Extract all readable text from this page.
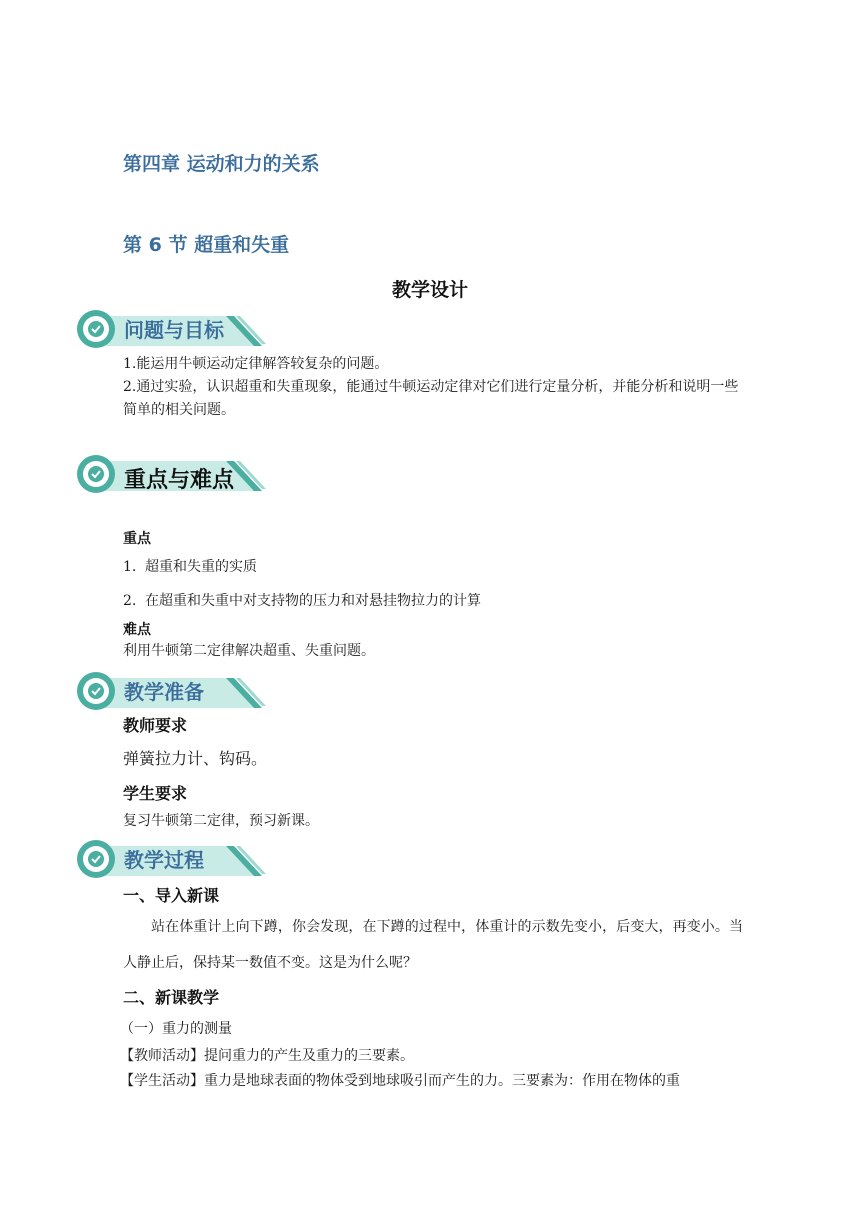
第四章 运动和力的关系
第 6 节 超重和失重
教学设计
问题与目标
1.能运用牛顿运动定律解答较复杂的问题。
2.通过实验，认识超重和失重现象，能通过牛顿运动定律对它们进行定量分析，并能分析和说明一些简单的相关问题。
重点与难点
重点
1. 超重和失重的实质
2. 在超重和失重中对支持物的压力和对悬挂物拉力的计算
难点
利用牛顿第二定律解决超重、失重问题。
教学准备
教师要求
弹簧拉力计、钩码。
学生要求
复习牛顿第二定律，预习新课。
教学过程
一、导入新课
站在体重计上向下蹲，你会发现，在下蹲的过程中，体重计的示数先变小，后变大，再变小。当人静止后，保持某一数值不变。这是为什么呢？
二、新课教学
（一）重力的测量
【教师活动】提问重力的产生及重力的三要素。
【学生活动】重力是地球表面的物体受到地球吸引而产生的力。三要素为：作用在物体的重
